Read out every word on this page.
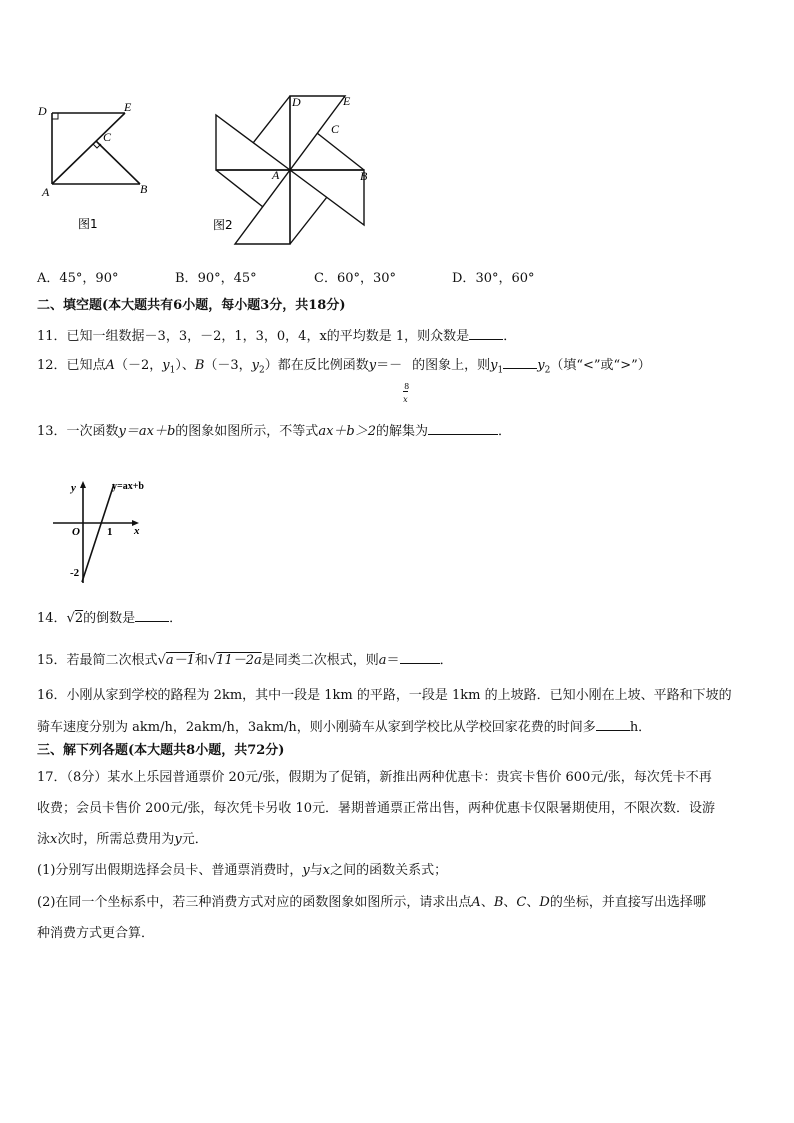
D	E
C
A	B
图1
D	E
C
A	B
图2
A．45°，90°	B．90°，45°	C．60°，30°	D．30°，60°
二、填空题(本大题共有6小题，每小题3分，共18分)
11．已知一组数据－3，3，－2，1，3，0，4，x的平均数是 1，则众数是	．
12．已知点A（－2，$y_1$）、B（－3，$y_2$）都在反比例函数y＝－
$\frac{8}{x}$
的图象上，则$y_1$	$y_2$（填“<”或“>”）
13．一次函数y＝ax＋b的图象如图所示，不等式ax＋b＞2的解集为	．
y
x
O 1
-2
y=ax+b
14．√2的倒数是	．
15．若最简二次根式√a－1和√11－2a是同类二次根式，则a＝	．
16．小刚从家到学校的路程为 2km，其中一段是 1km 的平路，一段是 1km 的上坡路．已知小刚在上坡、平路和下坡的
骑车速度分别为 akm/h，2akm/h，3akm/h，则小刚骑车从家到学校比从学校回家花费的时间多	h．
三、解下列各题(本大题共8小题，共72分)
17．（8分）某水上乐园普通票价 20元/张，假期为了促销，新推出两种优惠卡：贵宾卡售价 600元/张，每次凭卡不再
收费；会员卡售价 200元/张，每次凭卡另收 10元．暑期普通票正常出售，两种优惠卡仅限暑期使用，不限次数．设游
泳x次时，所需总费用为y元．
(1)分别写出假期选择会员卡、普通票消费时，y与x之间的函数关系式；
(2)在同一个坐标系中，若三种消费方式对应的函数图象如图所示，请求出点A、B、C、D的坐标，并直接写出选择哪
种消费方式更合算．
